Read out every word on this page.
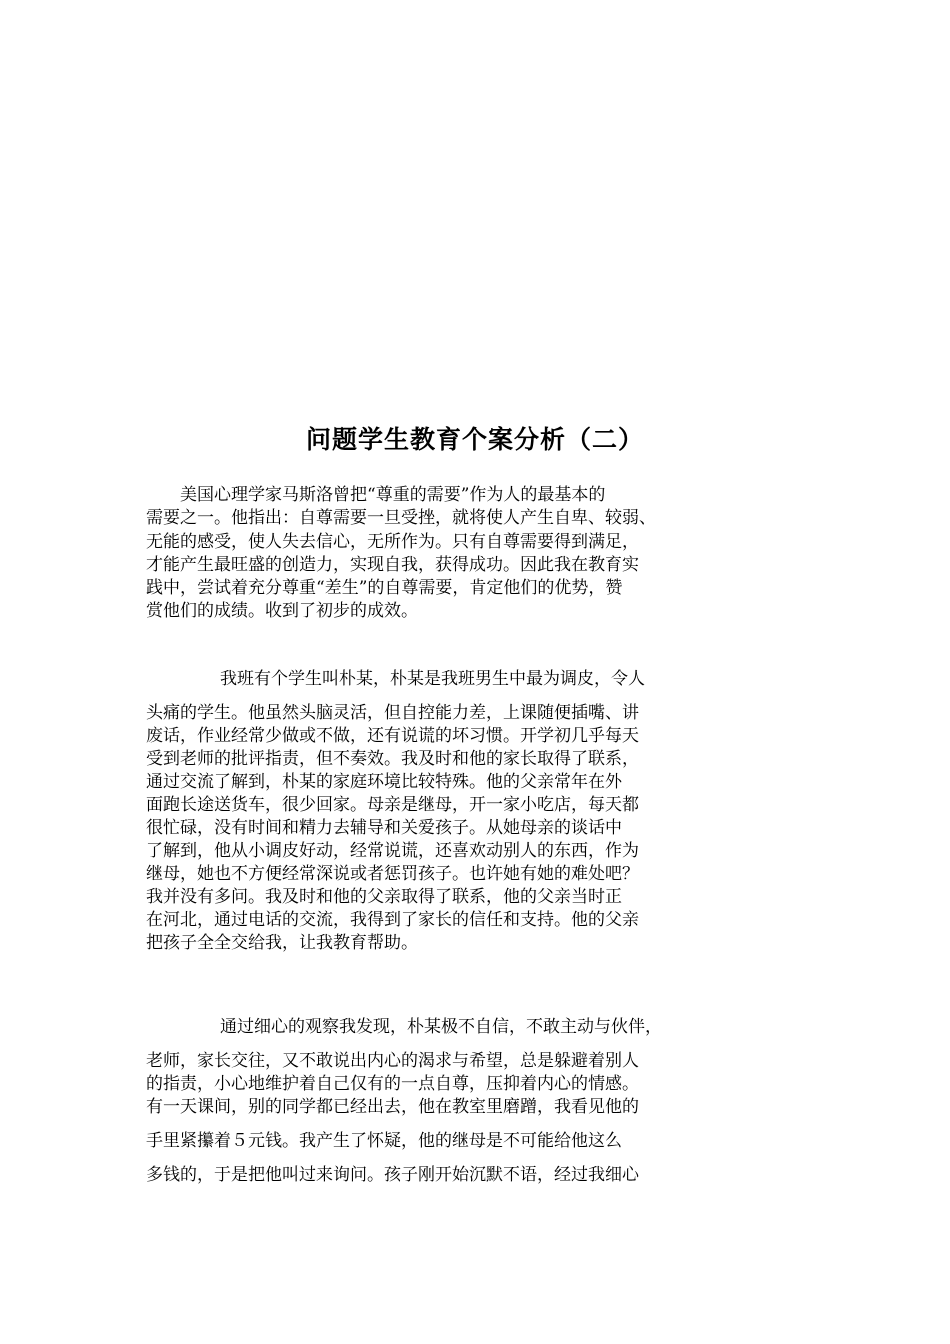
问题学生教育个案分析（二）
美国心理学家马斯洛曾把“尊重的需要”作为人的最基本的
需要之一。他指出：自尊需要一旦受挫，就将使人产生自卑、较弱、
无能的感受，使人失去信心，无所作为。只有自尊需要得到满足，
才能产生最旺盛的创造力，实现自我，获得成功。因此我在教育实
践中，尝试着充分尊重“差生”的自尊需要，肯定他们的优势，赞
赏他们的成绩。收到了初步的成效。
我班有个学生叫朴某，朴某是我班男生中最为调皮，令人
头痛的学生。他虽然头脑灵活，但自控能力差，上课随便插嘴、讲
废话，作业经常少做或不做，还有说谎的坏习惯。开学初几乎每天
受到老师的批评指责，但不奏效。我及时和他的家长取得了联系，
通过交流了解到，朴某的家庭环境比较特殊。他的父亲常年在外
面跑长途送货车，很少回家。母亲是继母，开一家小吃店，每天都
很忙碌，没有时间和精力去辅导和关爱孩子。从她母亲的谈话中
了解到，他从小调皮好动，经常说谎，还喜欢动别人的东西，作为
继母，她也不方便经常深说或者惩罚孩子。也许她有她的难处吧？
我并没有多问。我及时和他的父亲取得了联系，他的父亲当时正
在河北，通过电话的交流，我得到了家长的信任和支持。他的父亲
把孩子全全交给我，让我教育帮助。
通过细心的观察我发现，朴某极不自信，不敢主动与伙伴，
老师，家长交往，又不敢说出内心的渴求与希望，总是躲避着别人
的指责，小心地维护着自己仅有的一点自尊，压抑着内心的情感。
有一天课间，别的同学都已经出去，他在教室里磨蹭，我看见他的
手里紧攥着５元钱。我产生了怀疑，他的继母是不可能给他这么
多钱的，于是把他叫过来询问。孩子刚开始沉默不语，经过我细心
